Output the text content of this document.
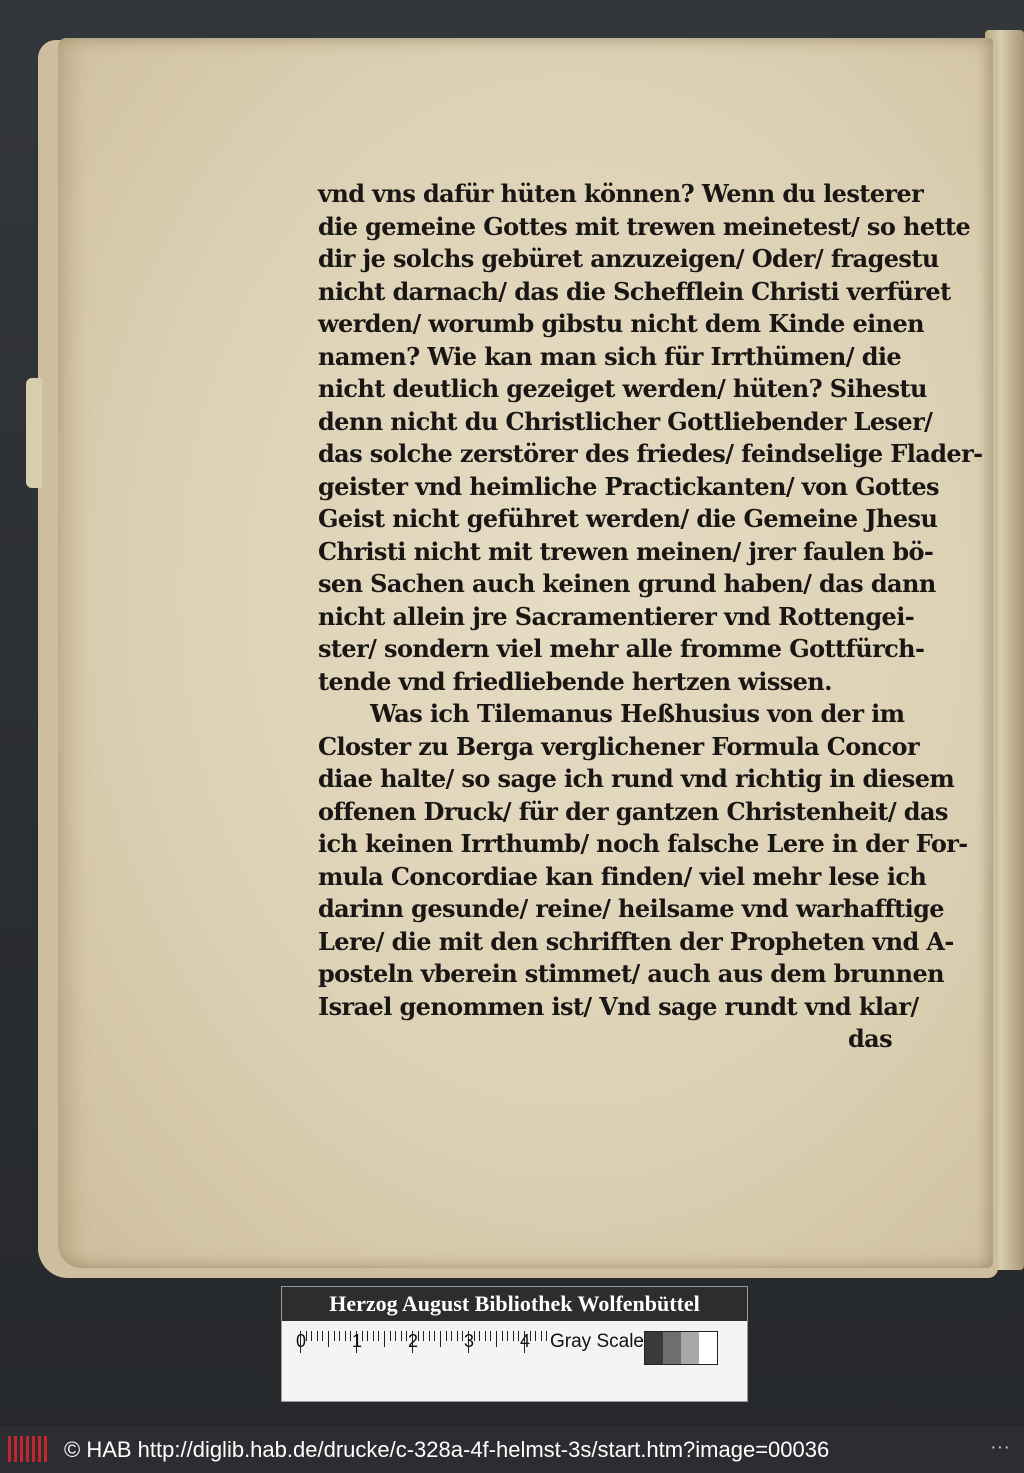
vnd vns dafür hüten können? Wenn du lesterer
die gemeine Gottes mit trewen meinetest/ so hette
dir je solchs gebüret anzuzeigen/ Oder/ fragestu
nicht darnach/ das die Schefflein Christi verfüret
werden/ worumb gibstu nicht dem Kinde einen
namen? Wie kan man sich für Irrthümen/ die
nicht deutlich gezeiget werden/ hüten? Sihestu
denn nicht du Christlicher Gottliebender Leser/
das solche zerstörer des friedes/ feindselige Flader-
geister vnd heimliche Practickanten/ von Gottes
Geist nicht geführet werden/ die Gemeine Jhesu
Christi nicht mit trewen meinen/ jrer faulen bö-
sen Sachen auch keinen grund haben/ das dann
nicht allein jre Sacramentierer vnd Rottengei-
ster/ sondern viel mehr alle fromme Gottfürch-
tende vnd friedliebende hertzen wissen.
Was ich Tilemanus Heßhusius von der im
Closter zu Berga verglichener Formula Concor
diae halte/ so sage ich rund vnd richtig in diesem
offenen Druck/ für der gantzen Christenheit/ das
ich keinen Irrthumb/ noch falsche Lere in der For-
mula Concordiae kan finden/ viel mehr lese ich
darinn gesunde/ reine/ heilsame vnd warhafftige
Lere/ die mit den schrifften der Propheten vnd A-
posteln vberein stimmet/ auch aus dem brunnen
Israel genommen ist/ Vnd sage rundt vnd klar/
das
Herzog August Bibliothek Wolfenbüttel
0	1	2	3	4 Gray Scale
© HAB http://diglib.hab.de/drucke/c-328a-4f-helmst-3s/start.htm?image=00036	···
